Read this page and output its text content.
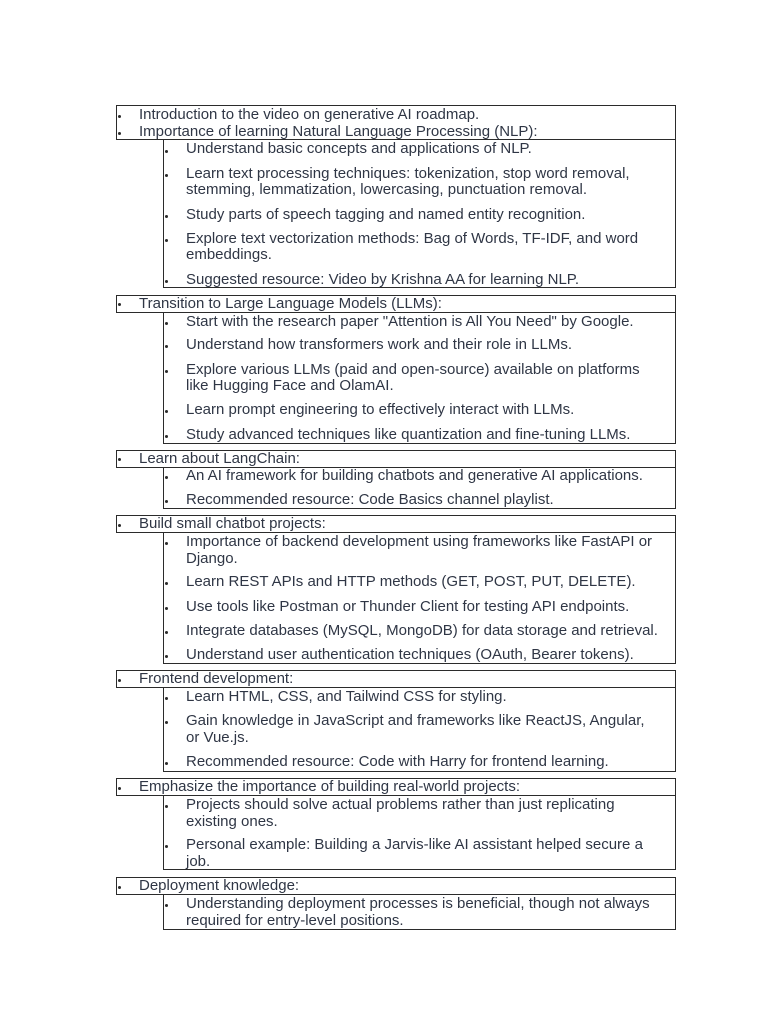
Introduction to the video on generative AI roadmap.
Importance of learning Natural Language Processing (NLP):
Understand basic concepts and applications of NLP.
Learn text processing techniques: tokenization, stop word removal,
stemming, lemmatization, lowercasing, punctuation removal.
Study parts of speech tagging and named entity recognition.
Explore text vectorization methods: Bag of Words, TF-IDF, and word
embeddings.
Suggested resource: Video by Krishna AA for learning NLP.
Transition to Large Language Models (LLMs):
Start with the research paper "Attention is All You Need" by Google.
Understand how transformers work and their role in LLMs.
Explore various LLMs (paid and open-source) available on platforms
like Hugging Face and OlamAI.
Learn prompt engineering to effectively interact with LLMs.
Study advanced techniques like quantization and fine-tuning LLMs.
Learn about LangChain:
An AI framework for building chatbots and generative AI applications.
Recommended resource: Code Basics channel playlist.
Build small chatbot projects:
Importance of backend development using frameworks like FastAPI or
Django.
Learn REST APIs and HTTP methods (GET, POST, PUT, DELETE).
Use tools like Postman or Thunder Client for testing API endpoints.
Integrate databases (MySQL, MongoDB) for data storage and retrieval.
Understand user authentication techniques (OAuth, Bearer tokens).
Frontend development:
Learn HTML, CSS, and Tailwind CSS for styling.
Gain knowledge in JavaScript and frameworks like ReactJS, Angular,
or Vue.js.
Recommended resource: Code with Harry for frontend learning.
Emphasize the importance of building real-world projects:
Projects should solve actual problems rather than just replicating
existing ones.
Personal example: Building a Jarvis-like AI assistant helped secure a
job.
Deployment knowledge:
Understanding deployment processes is beneficial, though not always
required for entry-level positions.
